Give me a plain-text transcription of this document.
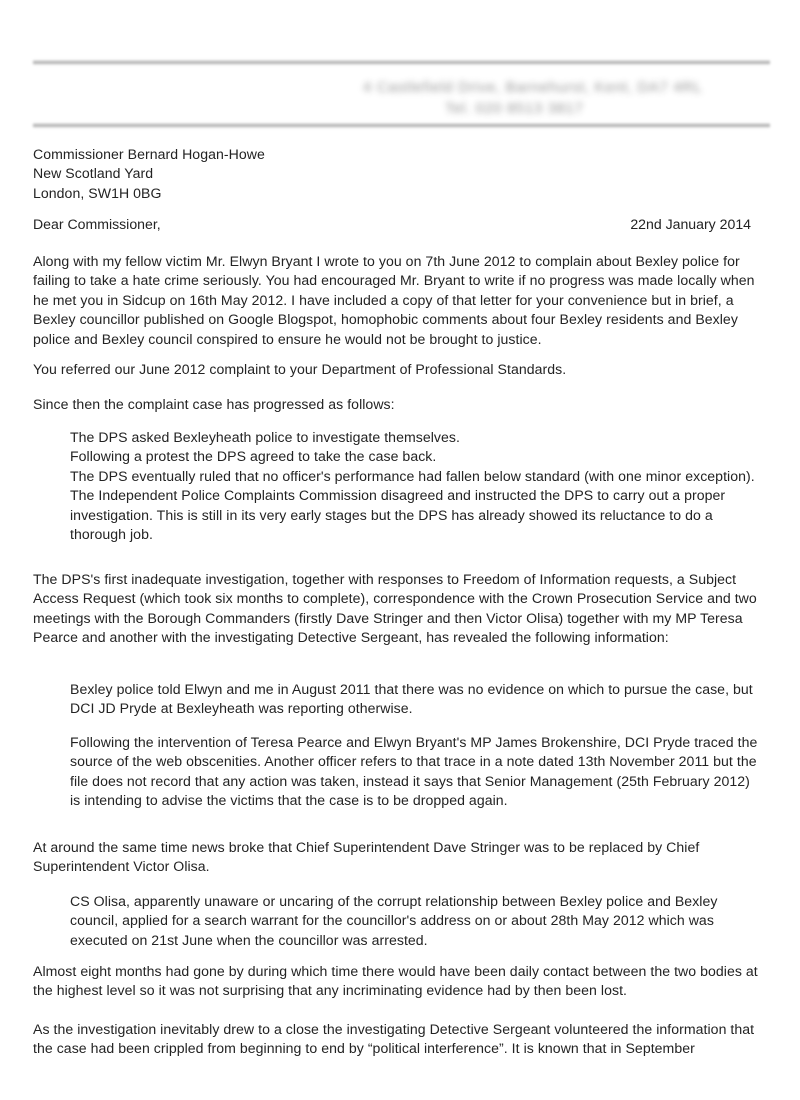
4 Castlefield Drive, Barnehurst, Kent, DA7 4RL
Tel. 020 8513 3817

Commissioner Bernard Hogan-Howe

New Scotland Yard

London, SW1H 0BG

Dear Commissioner,	22nd January 2014

Along with my fellow victim Mr. Elwyn Bryant I wrote to you on 7th June 2012 to complain about Bexley police for failing to take a hate crime seriously. You had encouraged Mr. Bryant to write if no progress was made locally when he met you in Sidcup on 16th May 2012. I have included a copy of that letter for your convenience but in brief, a Bexley councillor published on Google Blogspot, homophobic comments about four Bexley residents and Bexley police and Bexley council conspired to ensure he would not be brought to justice.

You referred our June 2012 complaint to your Department of Professional Standards.

Since then the complaint case has progressed as follows:

The DPS asked Bexleyheath police to investigate themselves.

Following a protest the DPS agreed to take the case back.

The DPS eventually ruled that no officer's performance had fallen below standard (with one minor exception).

The Independent Police Complaints Commission disagreed and instructed the DPS to carry out a proper investigation. This is still in its very early stages but the DPS has already showed its reluctance to do a thorough job.

The DPS's first inadequate investigation, together with responses to Freedom of Information requests, a Subject Access Request (which took six months to complete), correspondence with the Crown Prosecution Service and two meetings with the Borough Commanders (firstly Dave Stringer and then Victor Olisa) together with my MP Teresa Pearce and another with the investigating Detective Sergeant, has revealed the following information:

Bexley police told Elwyn and me in August 2011 that there was no evidence on which to pursue the case, but DCI JD Pryde at Bexleyheath was reporting otherwise.

Following the intervention of Teresa Pearce and Elwyn Bryant's MP James Brokenshire, DCI Pryde traced the source of the web obscenities. Another officer refers to that trace in a note dated 13th November 2011 but the file does not record that any action was taken, instead it says that Senior Management (25th February 2012) is intending to advise the victims that the case is to be dropped again.

At around the same time news broke that Chief Superintendent Dave Stringer was to be replaced by Chief Superintendent Victor Olisa.

CS Olisa, apparently unaware or uncaring of the corrupt relationship between Bexley police and Bexley council, applied for a search warrant for the councillor's address on or about 28th May 2012 which was executed on 21st June when the councillor was arrested.

Almost eight months had gone by during which time there would have been daily contact between the two bodies at the highest level so it was not surprising that any incriminating evidence had by then been lost.

As the investigation inevitably drew to a close the investigating Detective Sergeant volunteered the information that the case had been crippled from beginning to end by “political interference”. It is known that in September
